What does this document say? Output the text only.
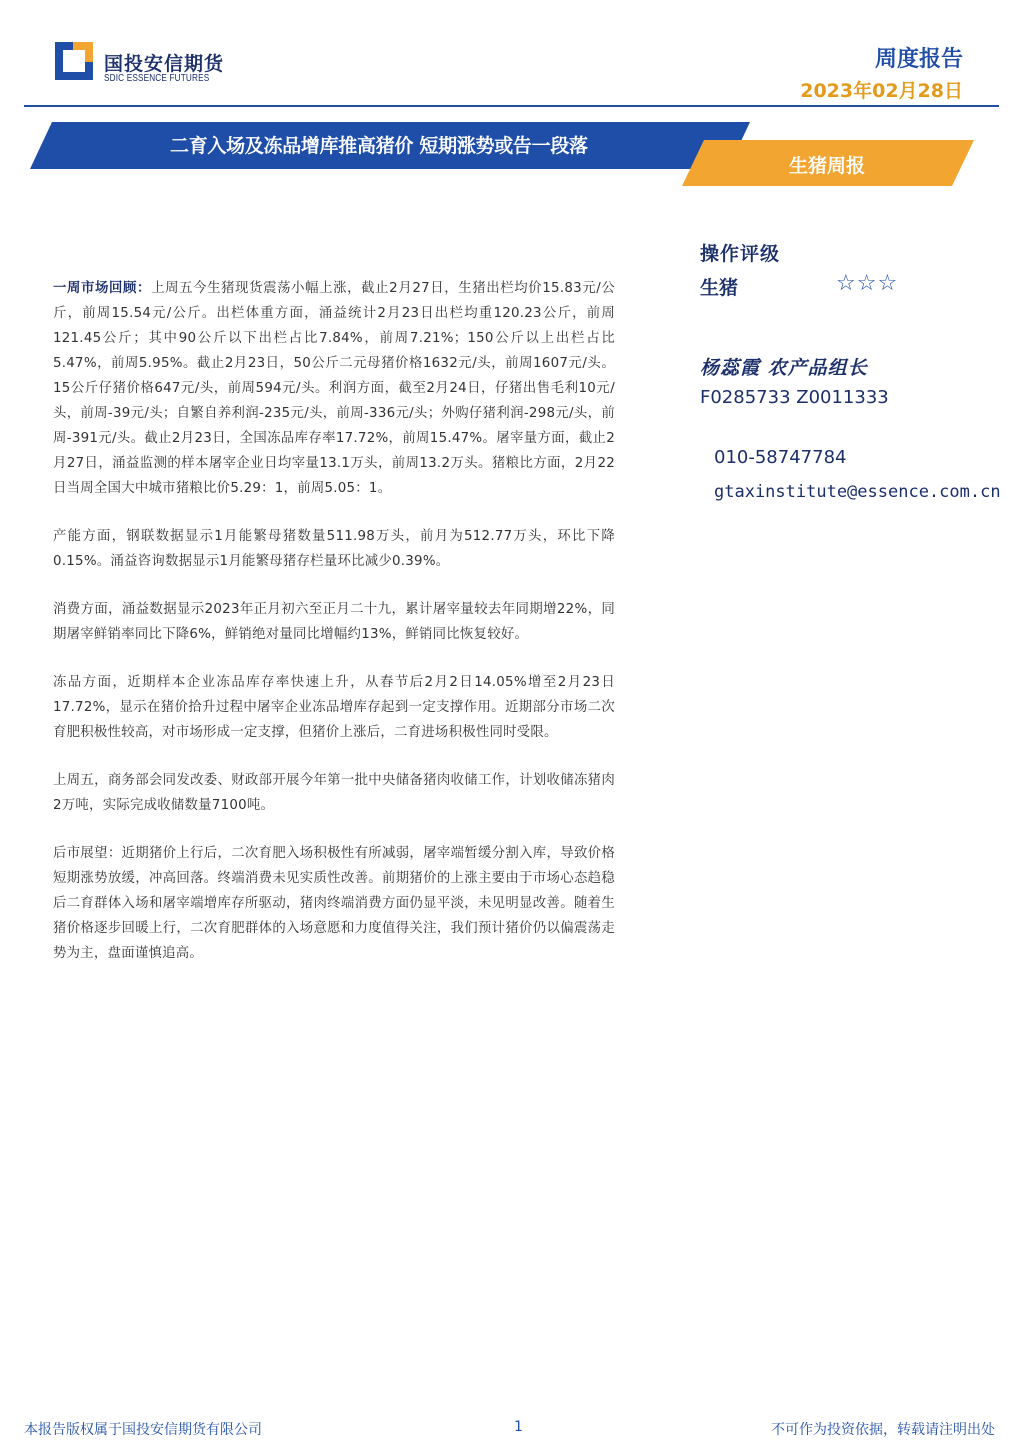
国投安信期货
SDIC ESSENCE FUTURES
周度报告
2023年02月28日
二育入场及冻品增库推高猪价 短期涨势或告一段落
生猪周报
操作评级
生猪	☆☆☆
杨蕊霞 农产品组长
F0285733 Z0011333
010-58747784
gtaxinstitute@essence.com.cn

一周市场回顾：上周五今生猪现货震荡小幅上涨，截止2月27日，生猪出栏均价15.83元/公斤，前周15.54元/公斤。出栏体重方面，涌益统计2月23日出栏均重120.23公斤，前周121.45公斤；其中90公斤以下出栏占比7.84%，前周7.21%；150公斤以上出栏占比5.47%，前周5.95%。截止2月23日，50公斤二元母猪价格1632元/头，前周1607元/头。15公斤仔猪价格647元/头，前周594元/头。利润方面，截至2月24日，仔猪出售毛利10元/头，前周-39元/头；自繁自养利润-235元/头，前周-336元/头；外购仔猪利润-298元/头，前周-391元/头。截止2月23日，全国冻品库存率17.72%，前周15.47%。屠宰量方面，截止2月27日，涌益监测的样本屠宰企业日均宰量13.1万头，前周13.2万头。猪粮比方面，2月22日当周全国大中城市猪粮比价5.29：1，前周5.05：1。

产能方面，钢联数据显示1月能繁母猪数量511.98万头，前月为512.77万头，环比下降0.15%。涌益咨询数据显示1月能繁母猪存栏量环比减少0.39%。

消费方面，涌益数据显示2023年正月初六至正月二十九，累计屠宰量较去年同期增22%，同期屠宰鲜销率同比下降6%，鲜销绝对量同比增幅约13%，鲜销同比恢复较好。

冻品方面，近期样本企业冻品库存率快速上升，从春节后2月2日14.05%增至2月23日17.72%，显示在猪价拾升过程中屠宰企业冻品增库存起到一定支撑作用。近期部分市场二次育肥积极性较高，对市场形成一定支撑，但猪价上涨后，二育进场积极性同时受限。

上周五，商务部会同发改委、财政部开展今年第一批中央储备猪肉收储工作，计划收储冻猪肉2万吨，实际完成收储数量7100吨。

后市展望：近期猪价上行后，二次育肥入场积极性有所减弱，屠宰端暂缓分割入库，导致价格短期涨势放缓，冲高回落。终端消费未见实质性改善。前期猪价的上涨主要由于市场心态趋稳后二育群体入场和屠宰端增库存所驱动，猪肉终端消费方面仍显平淡，未见明显改善。随着生猪价格逐步回暖上行，二次育肥群体的入场意愿和力度值得关注，我们预计猪价仍以偏震荡走势为主，盘面谨慎追高。

本报告版权属于国投安信期货有限公司	1	不可作为投资依据，转载请注明出处
